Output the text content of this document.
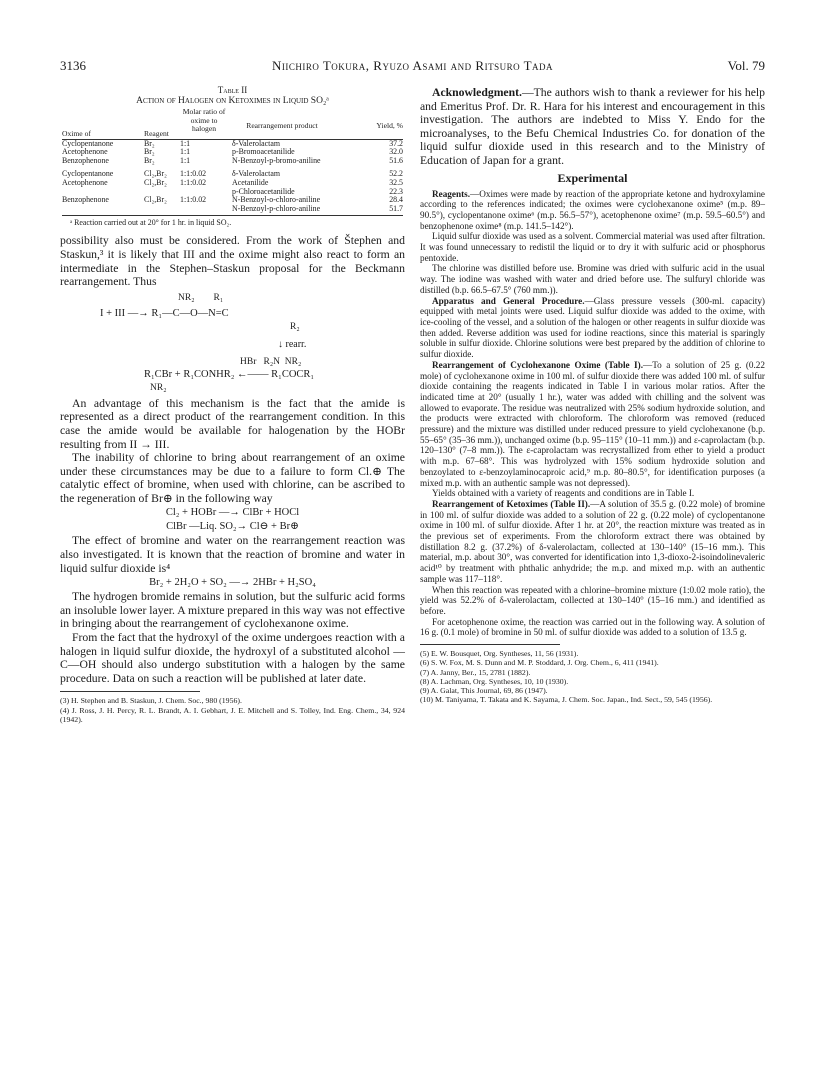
3136	Niichiro Tokura, Ryuzo Asami and Ritsuro Tada	Vol. 79
Table II
Action of Halogen on Ketoximes in Liquid SO₂ᵃ
Oxime of	Reagent	Molar ratio of oxime to halogen	Rearrangement product	Yield, %

Cyclopentanone	Br₂	1:1	δ-Valerolactam	37.2
Acetophenone	Br₂	1:1	p-Bromoacetanilide	32.0
Benzophenone	Br₂	1:1	N-Benzoyl-p-bromo-aniline	51.6

Cyclopentanone	Cl₂,Br₂	1:1:0.02	δ-Valerolactam	52.2
Acetophenone	Cl₂,Br₂	1:1:0.02	Acetanilide	32.5
			p-Chloroacetanilide	22.3
Benzophenone	Cl₂,Br₂	1:1:0.02	N-Benzoyl-o-chloro-aniline	28.4
			N-Benzoyl-p-chloro-aniline	51.7

ᵃ Reaction carried out at 20° for 1 hr. in liquid SO₂.

possibility also must be considered. From the work of Štephen and Staskun,³ it is likely that III and the oxime might also react to form an intermediate in the Stephen–Staskun proposal for the Beckmann rearrangement. Thus

NR₂        R₁
I + III —→ R₁—C—O—N=C
R₂
↓ rearr.
HBr   R₂N  NR₂
R₁CBr + R₁CONHR₂ ←—— R₁COCR₁
NR₂

An advantage of this mechanism is the fact that the amide is represented as a direct product of the rearrangement condition. In this case the amide would be available for halogenation by the HOBr resulting from II → III.

The inability of chlorine to bring about rearrangement of an oxime under these circumstances may be due to a failure to form Cl.⊕ The catalytic effect of bromine, when used with chlorine, can be ascribed to the regeneration of Br⊕ in the following way

Cl₂ + HOBr —→ ClBr + HOCl
ClBr —Liq. SO₂→ Cl⊖ + Br⊕

The effect of bromine and water on the rearrangement reaction was also investigated. It is known that the reaction of bromine and water in liquid sulfur dioxide is⁴

Br₂ + 2H₂O + SO₂ —→ 2HBr + H₂SO₄

The hydrogen bromide remains in solution, but the sulfuric acid forms an insoluble lower layer. A mixture prepared in this way was not effective in bringing about the rearrangement of cyclohexanone oxime.

From the fact that the hydroxyl of the oxime undergoes reaction with a halogen in liquid sulfur dioxide, the hydroxyl of a substituted alcohol —C—OH should also undergo substitution with a halogen by the same procedure. Data on such a reaction will be published at later date.

(3) H. Stephen and B. Staskun, J. Chem. Soc., 980 (1956).

(4) J. Ross, J. H. Percy, R. L. Brandt, A. I. Gebhart, J. E. Mitchell and S. Tolley, Ind. Eng. Chem., 34, 924 (1942).

Acknowledgment.—The authors wish to thank a reviewer for his help and Emeritus Prof. Dr. R. Hara for his interest and encouragement in this investigation. The authors are indebted to Miss Y. Endo for the microanalyses, to the Befu Chemical Industries Co. for donation of the liquid sulfur dioxide used in this research and to the Ministry of Education of Japan for a grant.

Experimental

Reagents.—Oximes were made by reaction of the appropriate ketone and hydroxylamine according to the references indicated; the oximes were cyclohexanone oxime⁵ (m.p. 89–90.5°), cyclopentanone oxime⁶ (m.p. 56.5–57°), acetophenone oxime⁷ (m.p. 59.5–60.5°) and benzophenone oxime⁸ (m.p. 141.5–142°).

Liquid sulfur dioxide was used as a solvent. Commercial material was used after filtration. It was found unnecessary to redistil the liquid or to dry it with sulfuric acid or phosphorus pentoxide.

The chlorine was distilled before use. Bromine was dried with sulfuric acid in the usual way. The iodine was washed with water and dried before use. The sulfuryl chloride was distilled (b.p. 66.5–67.5° (760 mm.)).

Apparatus and General Procedure.—Glass pressure vessels (300-ml. capacity) equipped with metal joints were used. Liquid sulfur dioxide was added to the oxime, with ice-cooling of the vessel, and a solution of the halogen or other reagents in sulfur dioxide was then added. Reverse addition was used for iodine reactions, since this material is sparingly soluble in sulfur dioxide. Chlorine solutions were best prepared by the addition of chlorine to sulfur dioxide.

Rearrangement of Cyclohexanone Oxime (Table I).—To a solution of 25 g. (0.22 mole) of cyclohexanone oxime in 100 ml. of sulfur dioxide there was added 100 ml. of sulfur dioxide containing the reagents indicated in Table I in various molar ratios. After the indicated time at 20° (usually 1 hr.), water was added with chilling and the solvent was allowed to evaporate. The residue was neutralized with 25% sodium hydroxide solution, and the products were extracted with chloroform. The chloroform was removed (reduced pressure) and the mixture was distilled under reduced pressure to yield cyclohexanone (b.p. 55–65° (35–36 mm.)), unchanged oxime (b.p. 95–115° (10–11 mm.)) and ε-caprolactam (b.p. 120–130° (7–8 mm.)). The ε-caprolactam was recrystallized from ether to yield a product with m.p. 67–68°. This was hydrolyzed with 15% sodium hydroxide solution and benzoylated to ε-benzoylaminocaproic acid,⁹ m.p. 80–80.5°, for identification purposes (a mixed m.p. with an authentic sample was not depressed).

Yields obtained with a variety of reagents and conditions are in Table I.

Rearrangement of Ketoximes (Table II).—A solution of 35.5 g. (0.22 mole) of bromine in 100 ml. of sulfur dioxide was added to a solution of 22 g. (0.22 mole) of cyclopentanone oxime in 100 ml. of sulfur dioxide. After 1 hr. at 20°, the reaction mixture was treated as in the previous set of experiments. From the chloroform extract there was obtained by distillation 8.2 g. (37.2%) of δ-valerolactam, collected at 130–140° (15–16 mm.). This material, m.p. about 30°, was converted for identification into 1,3-dioxo-2-isoindolinevaleric acid¹⁰ by treatment with phthalic anhydride; the m.p. and mixed m.p. with an authentic sample was 117–118°.

When this reaction was repeated with a chlorine–bromine mixture (1:0.02 mole ratio), the yield was 52.2% of δ-valerolactam, collected at 130–140° (15–16 mm.) and identified as before.

For acetophenone oxime, the reaction was carried out in the following way. A solution of 16 g. (0.1 mole) of bromine in 50 ml. of sulfur dioxide was added to a solution of 13.5 g.

(5) E. W. Bousquet, Org. Syntheses, 11, 56 (1931).

(6) S. W. Fox, M. S. Dunn and M. P. Stoddard, J. Org. Chem., 6, 411 (1941).

(7) A. Janny, Ber., 15, 2781 (1882).

(8) A. Lachman, Org. Syntheses, 10, 10 (1930).

(9) A. Galat, This Journal, 69, 86 (1947).

(10) M. Taniyama, T. Takata and K. Sayama, J. Chem. Soc. Japan., Ind. Sect., 59, 545 (1956).
